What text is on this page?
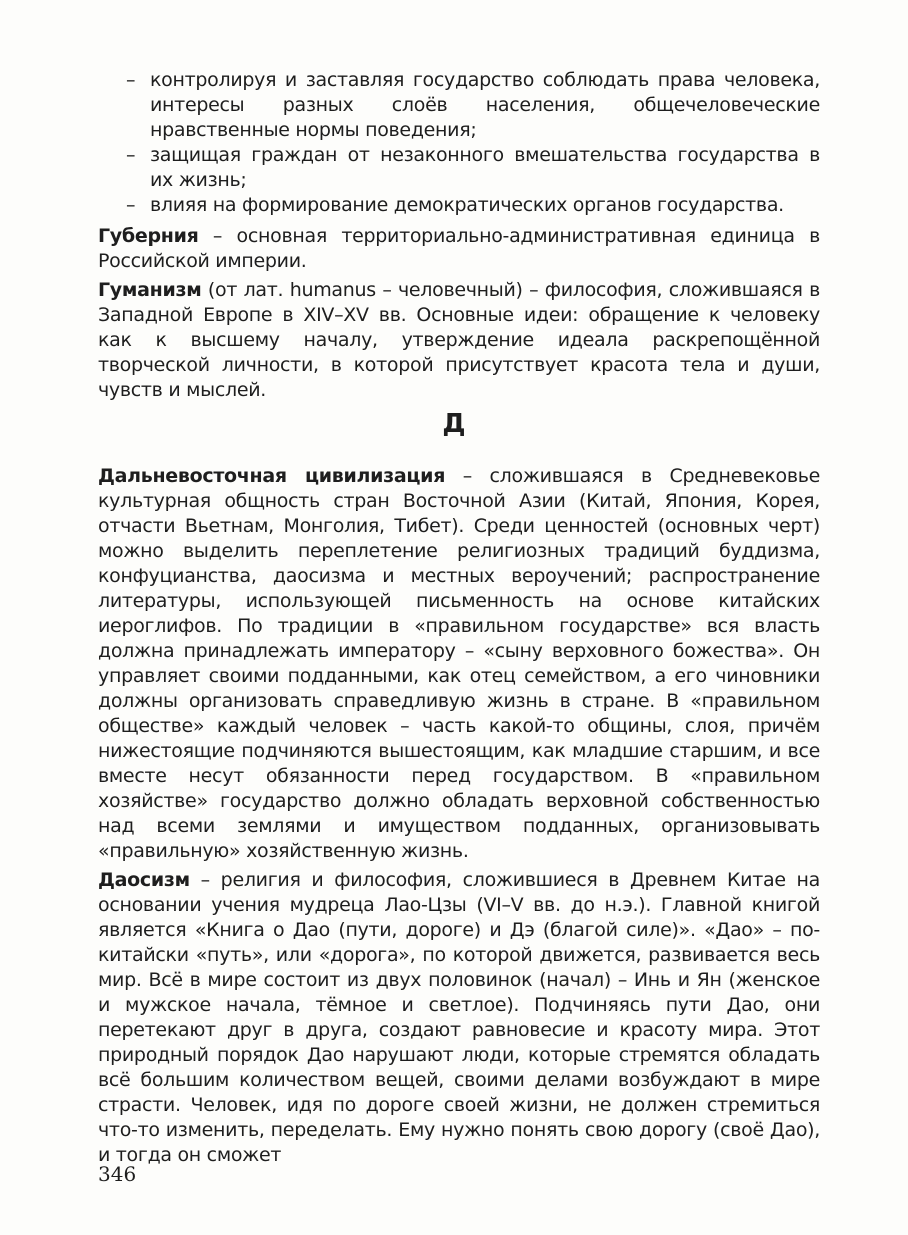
– контролируя и заставляя государство соблюдать права человека, интересы разных слоёв населения, общечеловеческие нравственные нормы поведения;

– защищая граждан от незаконного вмешательства государства в их жизнь;

– влияя на формирование демократических органов государства.

Губерния – основная территориально-административная единица в Российской империи.

Гуманизм (от лат. humanus – человечный) – философия, сложившаяся в Западной Европе в XIV–XV вв. Основные идеи: обращение к человеку как к высшему началу, утверждение идеала раскрепощённой творческой личности, в которой присутствует красота тела и души, чувств и мыслей.

Д

Дальневосточная цивилизация – сложившаяся в Средневековье культурная общность стран Восточной Азии (Китай, Япония, Корея, отчасти Вьетнам, Монголия, Тибет). Среди ценностей (основных черт) можно выделить переплетение религиозных традиций буддизма, конфуцианства, даосизма и местных вероучений; распространение литературы, использующей письменность на основе китайских иероглифов. По традиции в «правильном государстве» вся власть должна принадлежать императору – «сыну верховного божества». Он управляет своими подданными, как отец семейством, а его чиновники должны организовать справедливую жизнь в стране. В «правильном обществе» каждый человек – часть какой-то общины, слоя, причём нижестоящие подчиняются вышестоящим, как младшие старшим, и все вместе несут обязанности перед государством. В «правильном хозяйстве» государство должно обладать верховной собственностью над всеми землями и имуществом подданных, организовывать «правильную» хозяйственную жизнь.

Даосизм – религия и философия, сложившиеся в Древнем Китае на основании учения мудреца Лао-Цзы (VI–V вв. до н.э.). Главной книгой является «Книга о Дао (пути, дороге) и Дэ (благой силе)». «Дао» – по-китайски «путь», или «дорога», по которой движется, развивается весь мир. Всё в мире состоит из двух половинок (начал) – Инь и Ян (женское и мужское начала, тёмное и светлое). Подчиняясь пути Дао, они перетекают друг в друга, создают равновесие и красоту мира. Этот природный порядок Дао нарушают люди, которые стремятся обладать всё большим количеством вещей, своими делами возбуждают в мире страсти. Человек, идя по дороге своей жизни, не должен стремиться что-то изменить, переделать. Ему нужно понять свою дорогу (своё Дао), и тогда он сможет

346
